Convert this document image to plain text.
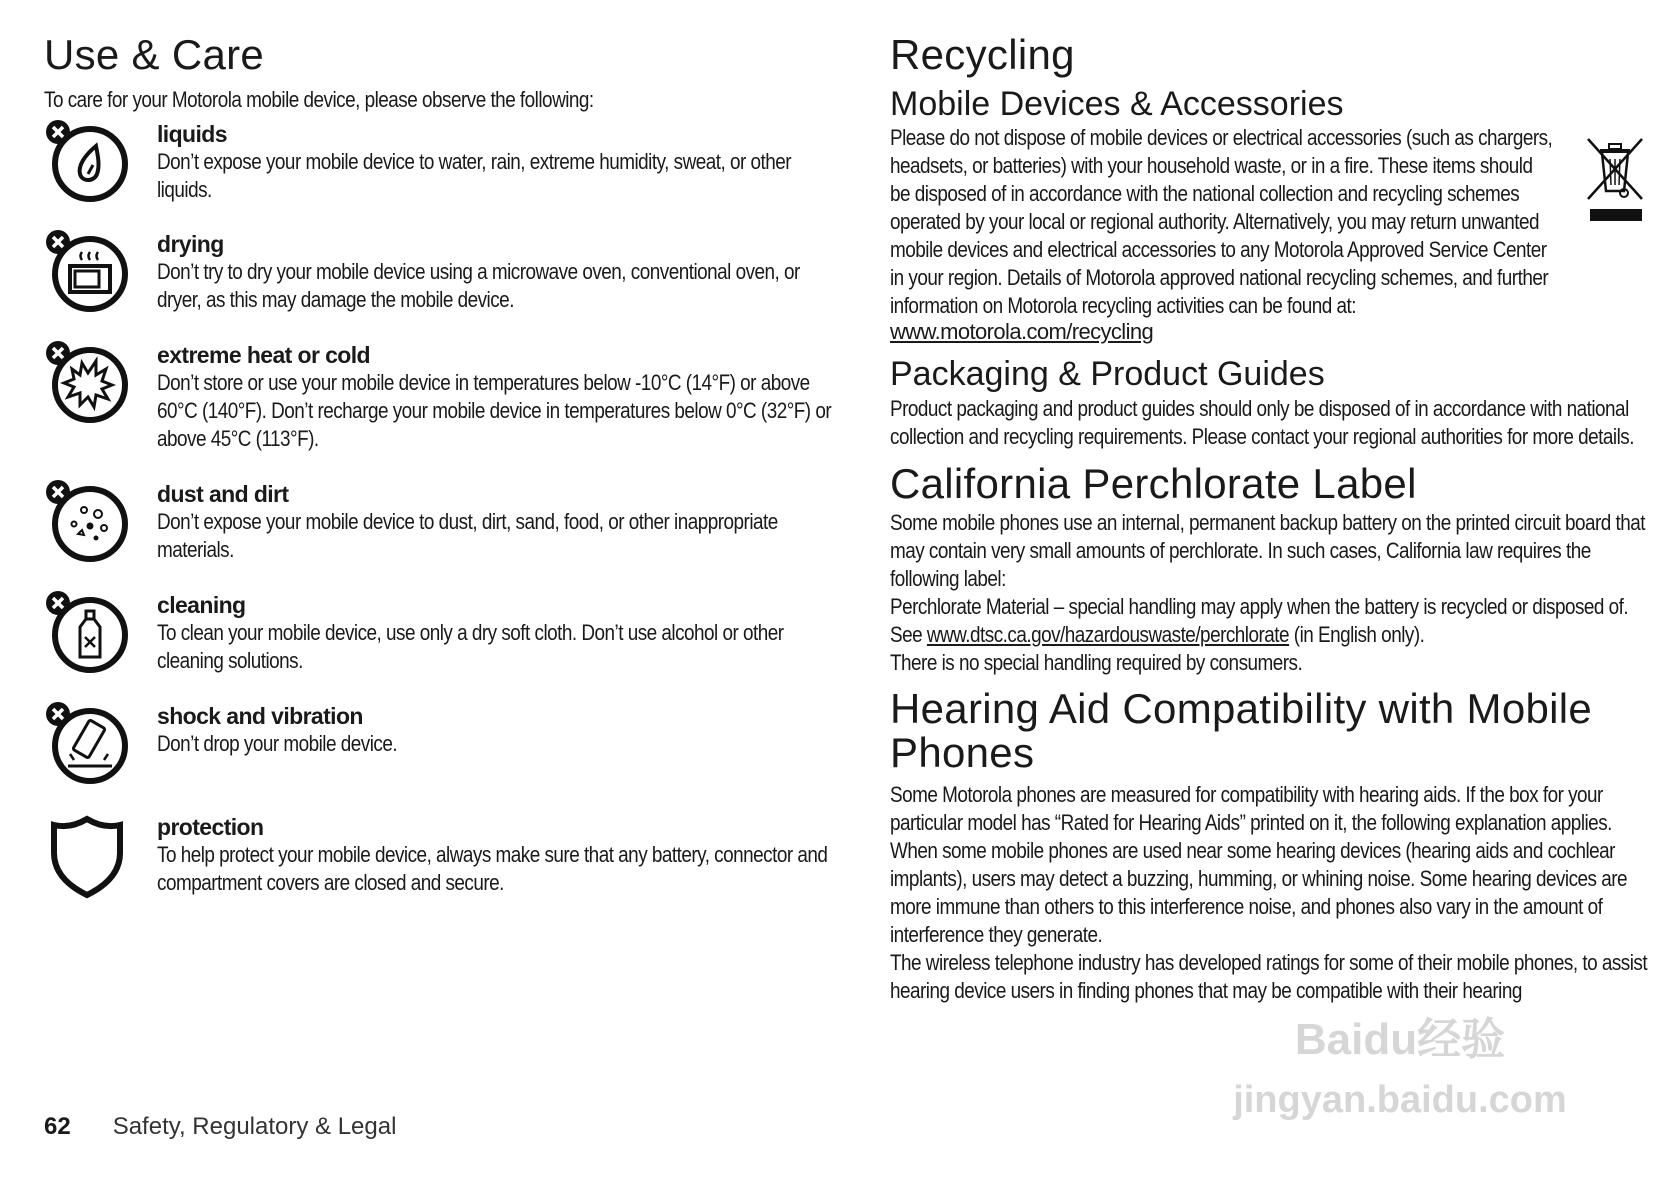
Use & Care

To care for your Motorola mobile device, please observe the following:

liquids

Don’t expose your mobile device to water, rain, extreme humidity, sweat, or other liquids.

drying

Don’t try to dry your mobile device using a microwave oven, conventional oven, or dryer, as this may damage the mobile device.

extreme heat or cold

Don’t store or use your mobile device in temperatures below -10°C (14°F) or above 60°C (140°F). Don’t recharge your mobile device in temperatures below 0°C (32°F) or above 45°C (113°F).

dust and dirt

Don’t expose your mobile device to dust, dirt, sand, food, or other inappropriate materials.

cleaning

To clean your mobile device, use only a dry soft cloth. Don’t use alcohol or other cleaning solutions.

shock and vibration

Don’t drop your mobile device.

protection

To help protect your mobile device, always make sure that any battery, connector and compartment covers are closed and secure.

Recycling
Mobile Devices & Accessories

Please do not dispose of mobile devices or electrical accessories (such as chargers, headsets, or batteries) with your household waste, or in a fire. These items should be disposed of in accordance with the national collection and recycling schemes operated by your local or regional authority. Alternatively, you may return unwanted mobile devices and electrical accessories to any Motorola Approved Service Center in your region. Details of Motorola approved national recycling schemes, and further information on Motorola recycling activities can be found at:

www.motorola.com/recycling

Packaging & Product Guides

Product packaging and product guides should only be disposed of in accordance with national collection and recycling requirements. Please contact your regional authorities for more details.

California Perchlorate Label

Some mobile phones use an internal, permanent backup battery on the printed circuit board that may contain very small amounts of perchlorate. In such cases, California law requires the following label:

Perchlorate Material – special handling may apply when the battery is recycled or disposed of. See www.dtsc.ca.gov/hazardouswaste/perchlorate (in English only).

There is no special handling required by consumers.

Hearing Aid Compatibility with Mobile Phones

Some Motorola phones are measured for compatibility with hearing aids. If the box for your particular model has “Rated for Hearing Aids” printed on it, the following explanation applies.

When some mobile phones are used near some hearing devices (hearing aids and cochlear implants), users may detect a buzzing, humming, or whining noise. Some hearing devices are more immune than others to this interference noise, and phones also vary in the amount of interference they generate.

The wireless telephone industry has developed ratings for some of their mobile phones, to assist hearing device users in finding phones that may be compatible with their hearing

62 Safety, Regulatory & Legal
Baidu经验
jingyan.baidu.com
